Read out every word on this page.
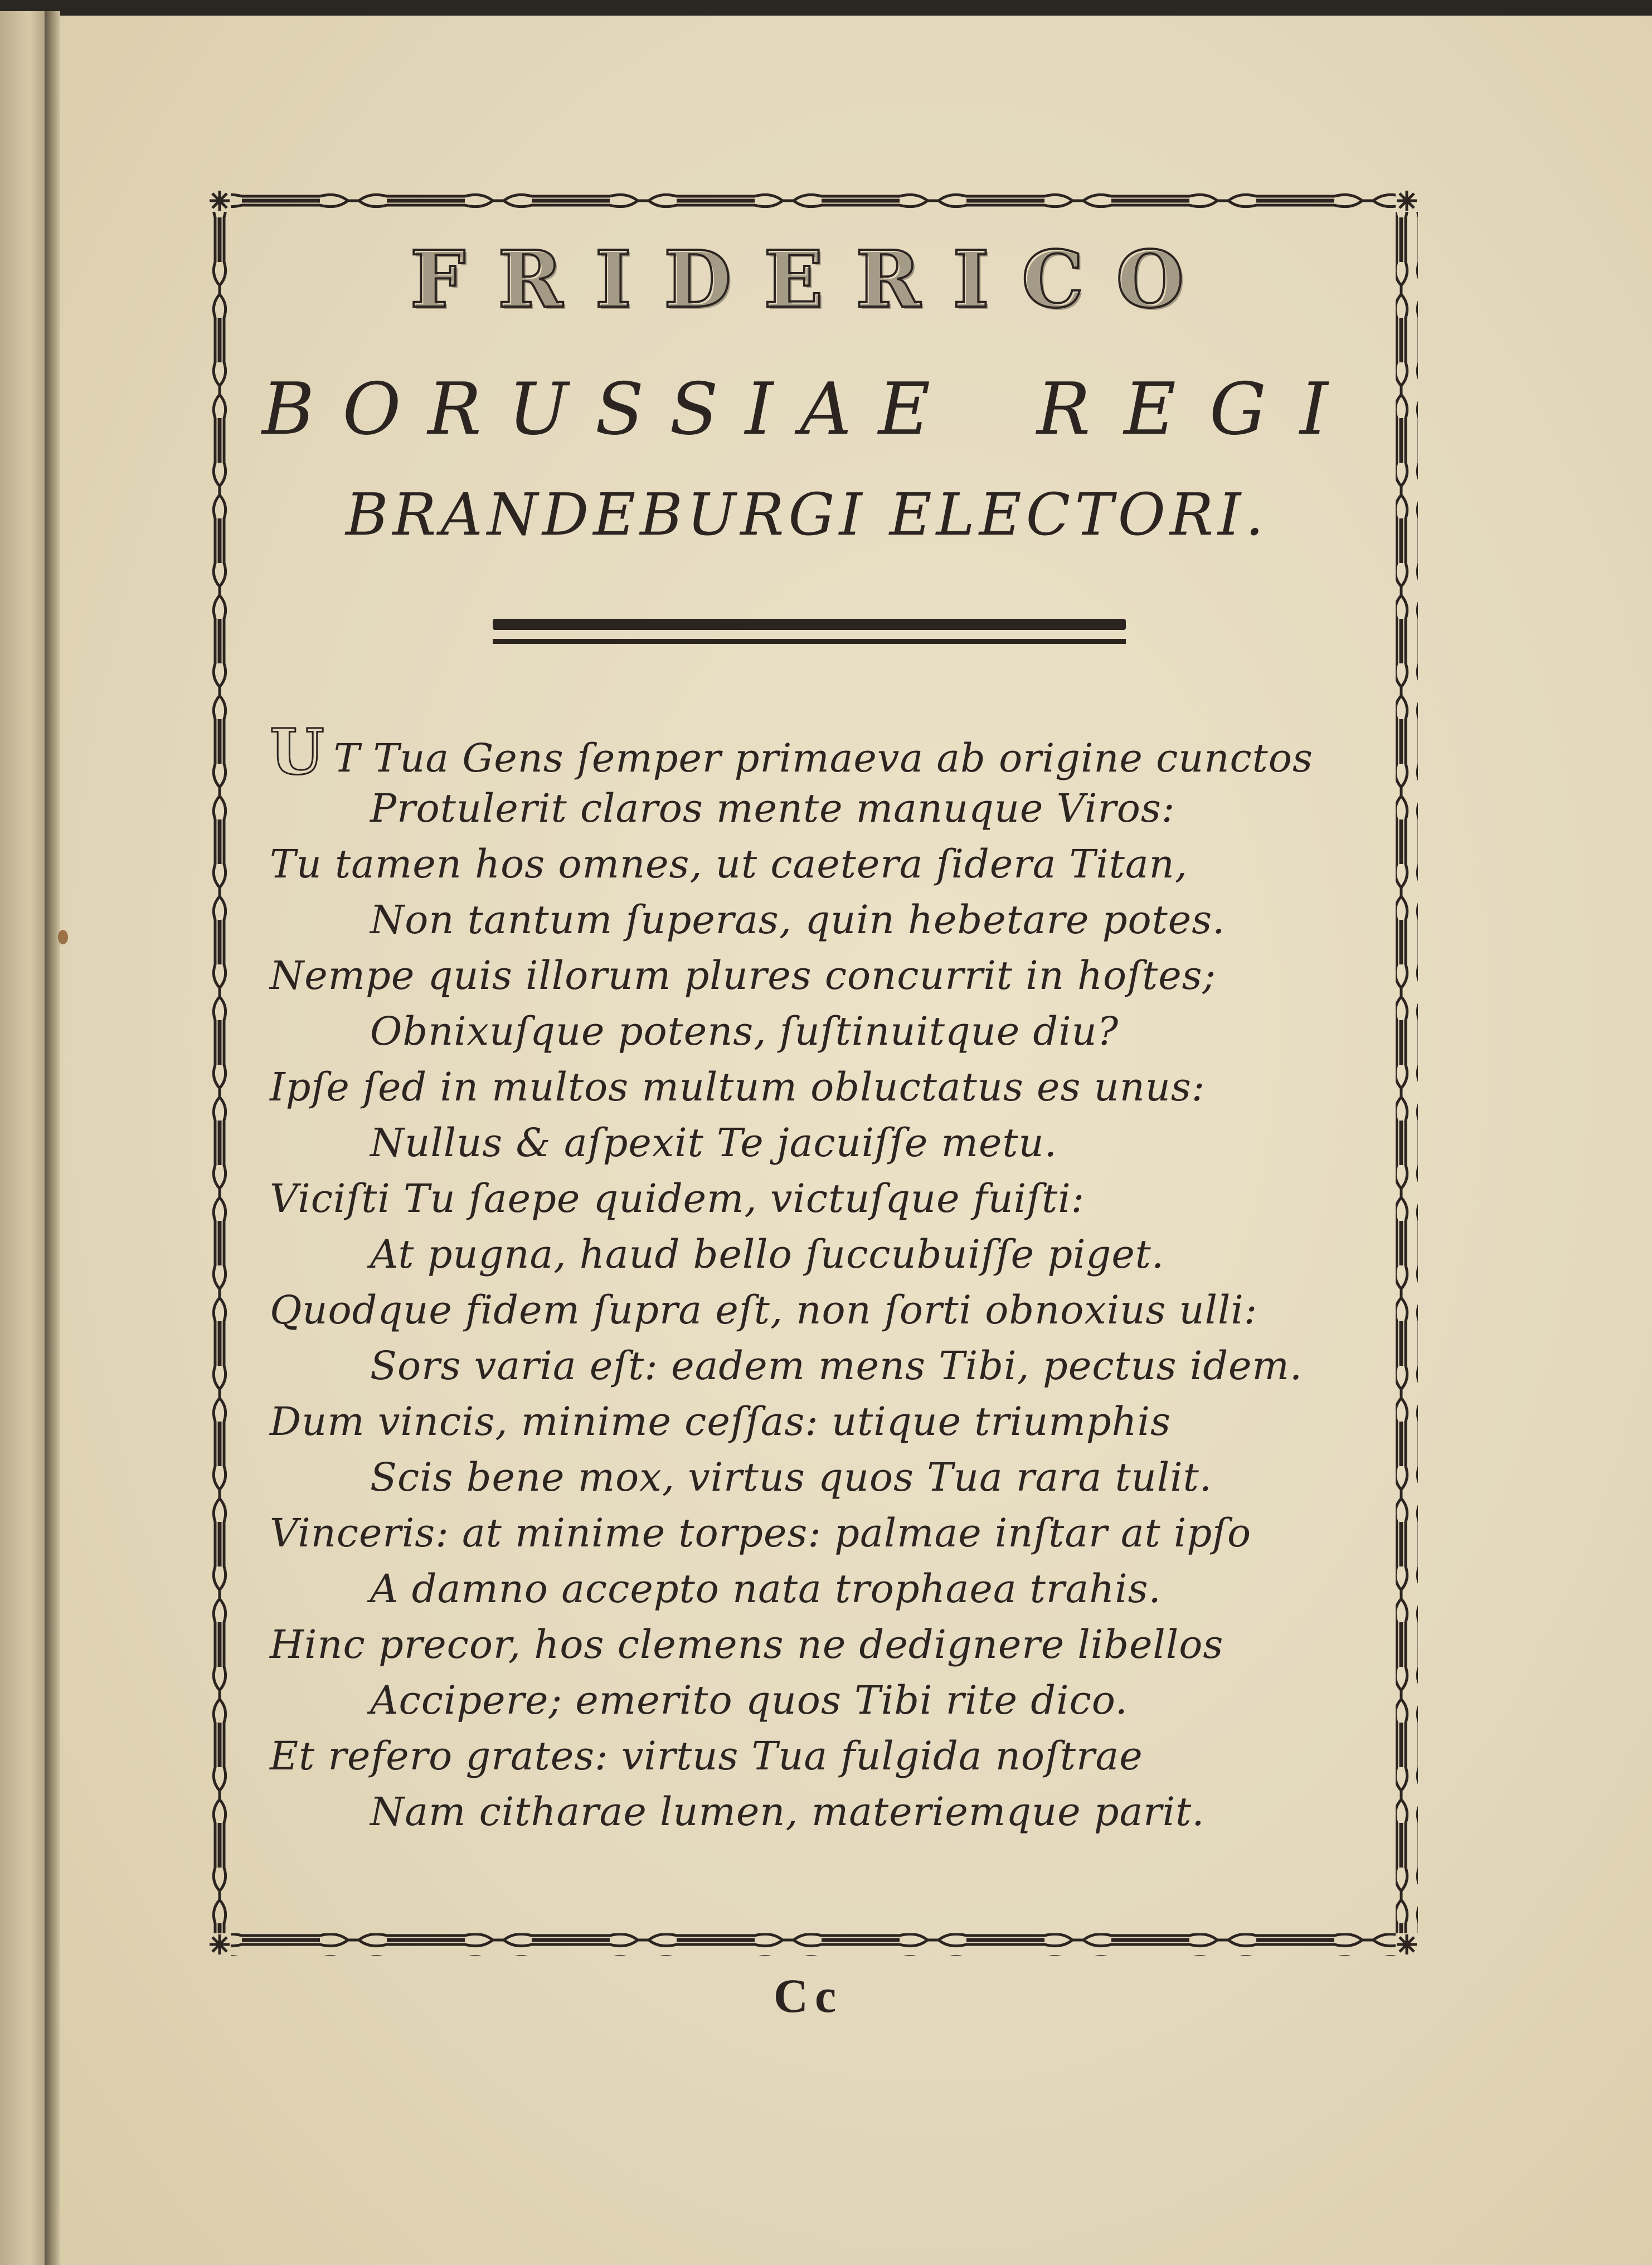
FRIDERICO
BORUSSIAE REGI
BRANDEBURGI ELECTORI.
U T Tua Gens ſemper primaeva ab origine cunctos
Protulerit claros mente manuque Viros:
Tu tamen hos omnes, ut caetera ſidera Titan,
Non tantum ſuperas, quin hebetare potes.
Nempe quis illorum plures concurrit in hoſtes;
Obnixuſque potens, ſuſtinuitque diu?
Ipſe ſed in multos multum obluctatus es unus:
Nullus & aſpexit Te jacuiſſe metu.
Viciſti Tu ſaepe quidem, victuſque fuiſti:
At pugna, haud bello ſuccubuiſſe piget.
Quodque fidem ſupra eſt, non ſorti obnoxius ulli:
Sors varia eſt: eadem mens Tibi, pectus idem.
Dum vincis, minime ceſſas: utique triumphis
Scis bene mox, virtus quos Tua rara tulit.
Vinceris: at minime torpes: palmae inſtar at ipſo
A damno accepto nata trophaea trahis.
Hinc precor, hos clemens ne dedignere libellos
Accipere; emerito quos Tibi rite dico.
Et refero grates: virtus Tua fulgida noſtrae
Nam citharae lumen, materiemque parit.
Cc
